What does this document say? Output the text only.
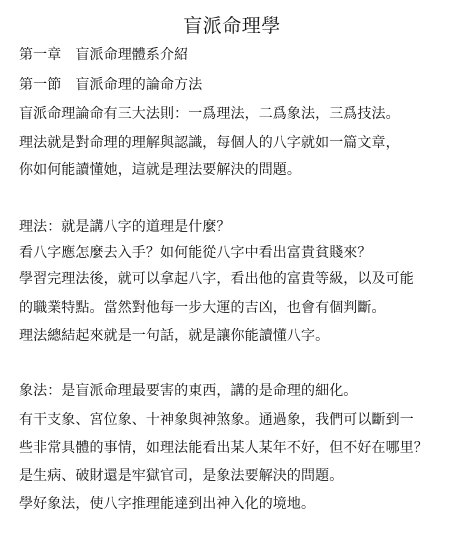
盲派命理學
第一章　盲派命理體系介紹
第一節　盲派命理的論命方法
盲派命理論命有三大法則：一爲理法，二爲象法，三爲技法。
理法就是對命理的理解與認識，每個人的八字就如一篇文章，
你如何能讀懂她，這就是理法要解決的問題。
理法：就是講八字的道理是什麼？
看八字應怎麼去入手？如何能從八字中看出富貴貧賤來？
學習完理法後，就可以拿起八字，看出他的富貴等級，以及可能
的職業特點。當然對他每一步大運的吉凶，也會有個判斷。
理法總結起來就是一句話，就是讓你能讀懂八字。
象法：是盲派命理最要害的東西，講的是命理的細化。
有干支象、宮位象、十神象與神煞象。通過象，我們可以斷到一
些非常具體的事情，如理法能看出某人某年不好，但不好在哪里？
是生病、破財還是牢獄官司，是象法要解決的問題。
學好象法，使八字推理能達到出神入化的境地。
